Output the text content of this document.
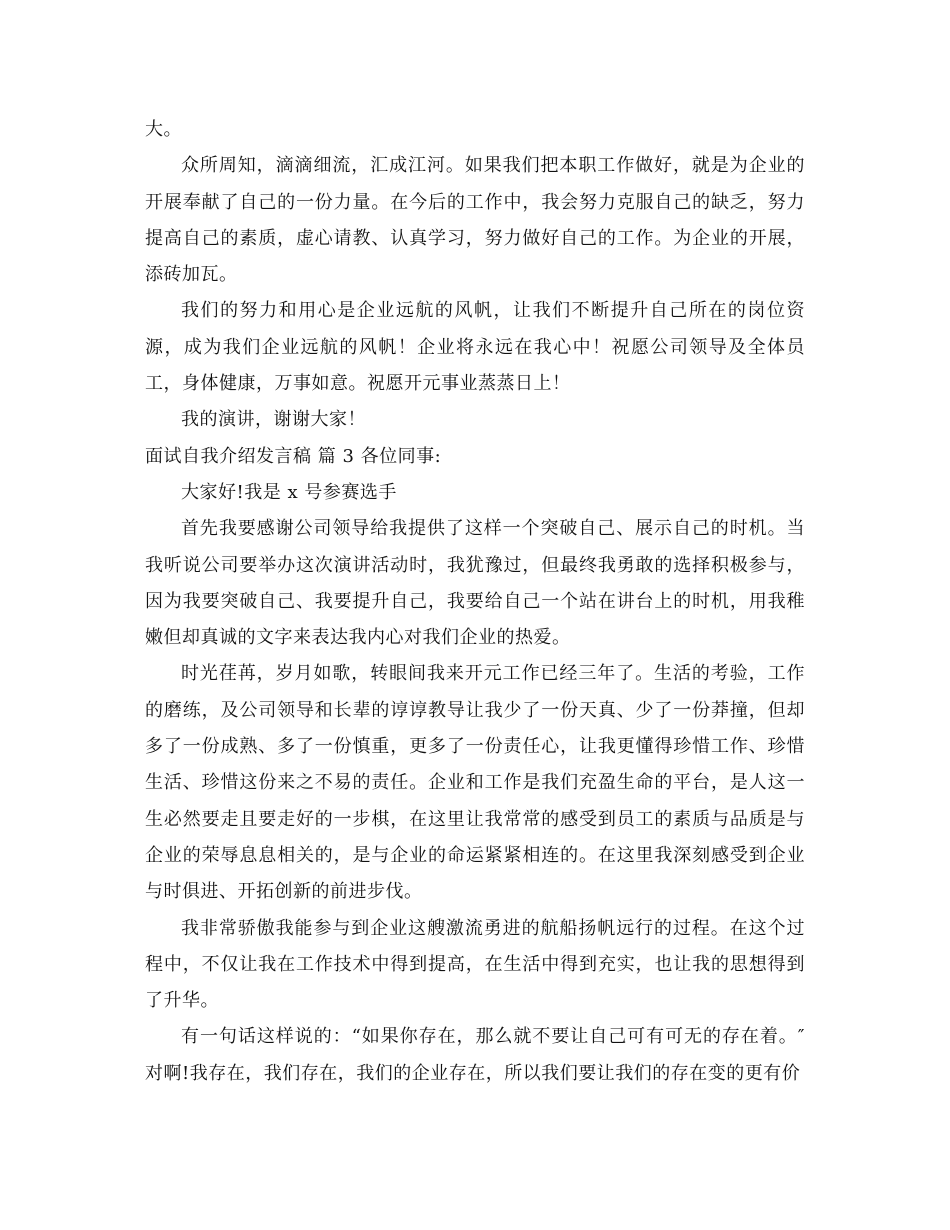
大。

众所周知，滴滴细流，汇成江河。如果我们把本职工作做好，就是为企业的开展奉献了自己的一份力量。在今后的工作中，我会努力克服自己的缺乏，努力提高自己的素质，虚心请教、认真学习，努力做好自己的工作。为企业的开展，添砖加瓦。

我们的努力和用心是企业远航的风帆，让我们不断提升自己所在的岗位资源，成为我们企业远航的风帆！企业将永远在我心中！祝愿公司领导及全体员工，身体健康，万事如意。祝愿开元事业蒸蒸日上！

我的演讲，谢谢大家！

面试自我介绍发言稿 篇 3 各位同事:

大家好!我是 x 号参赛选手

首先我要感谢公司领导给我提供了这样一个突破自己、展示自己的时机。当我听说公司要举办这次演讲活动时，我犹豫过，但最终我勇敢的选择积极参与，因为我要突破自己、我要提升自己，我要给自己一个站在讲台上的时机，用我稚嫩但却真诚的文字来表达我内心对我们企业的热爱。

时光荏苒，岁月如歌，转眼间我来开元工作已经三年了。生活的考验，工作的磨练，及公司领导和长辈的谆谆教导让我少了一份天真、少了一份莽撞，但却多了一份成熟、多了一份慎重，更多了一份责任心，让我更懂得珍惜工作、珍惜生活、珍惜这份来之不易的责任。企业和工作是我们充盈生命的平台，是人这一生必然要走且要走好的一步棋，在这里让我常常的感受到员工的素质与品质是与企业的荣辱息息相关的，是与企业的命运紧紧相连的。在这里我深刻感受到企业与时俱进、开拓创新的前进步伐。

我非常骄傲我能参与到企业这艘激流勇进的航船扬帆远行的过程。在这个过程中，不仅让我在工作技术中得到提高，在生活中得到充实，也让我的思想得到了升华。

有一句话这样说的：“如果你存在，那么就不要让自己可有可无的存在着。″对啊!我存在，我们存在，我们的企业存在，所以我们要让我们的存在变的更有价
